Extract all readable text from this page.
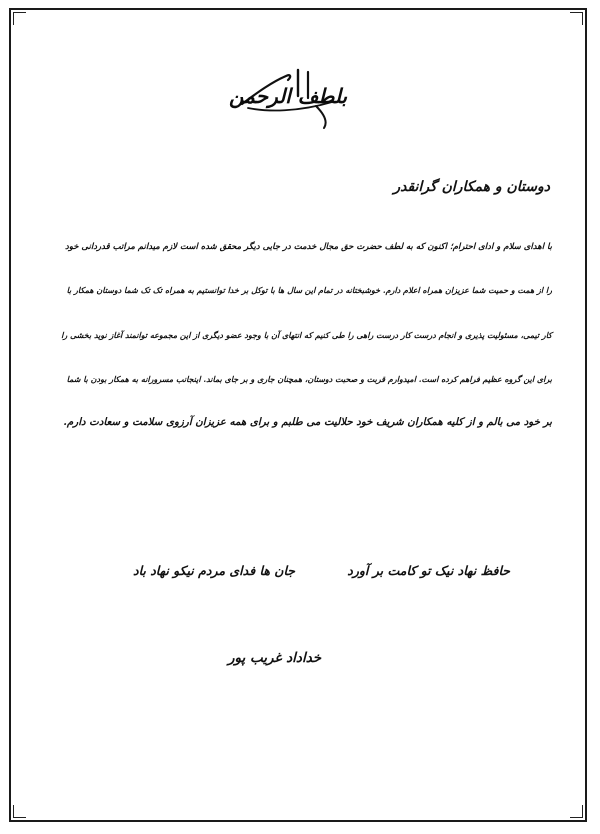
بلطف الرحمن
دوستان و همکاران گرانقدر
با اهدای سلام و ادای احترام؛ اکنون که به لطف حضرت حق مجال خدمت در جایی دیگر محقق شده است لازم میدانم مراتب قدردانی خود
را از همت و حمیت شما عزیزان همراه اعلام دارم. خوشبختانه در تمام این سال ها با توکل بر خدا توانستیم به همراه تک تک شما دوستان همکار با
کار تیمی، مسئولیت پذیری و انجام درست کار درست راهی را طی کنیم که انتهای آن با وجود عضو دیگری از این مجموعه توانمند آغاز نوید بخشی را
برای این گروه عظیم فراهم کرده است. امیدوارم قربت و صحبت دوستان، همچنان جاری و بر جای بماند. اینجانب مسرورانه به همکار بودن با شما
بر خود می بالم و از کلیه همکاران شریف خود حلالیت می طلبم و برای همه عزیزان آرزوی سلامت و سعادت دارم.
حافظ نهاد نیک تو کامت بر آورد
جان ها فدای مردم نیکو نهاد باد
خداداد غریب پور
